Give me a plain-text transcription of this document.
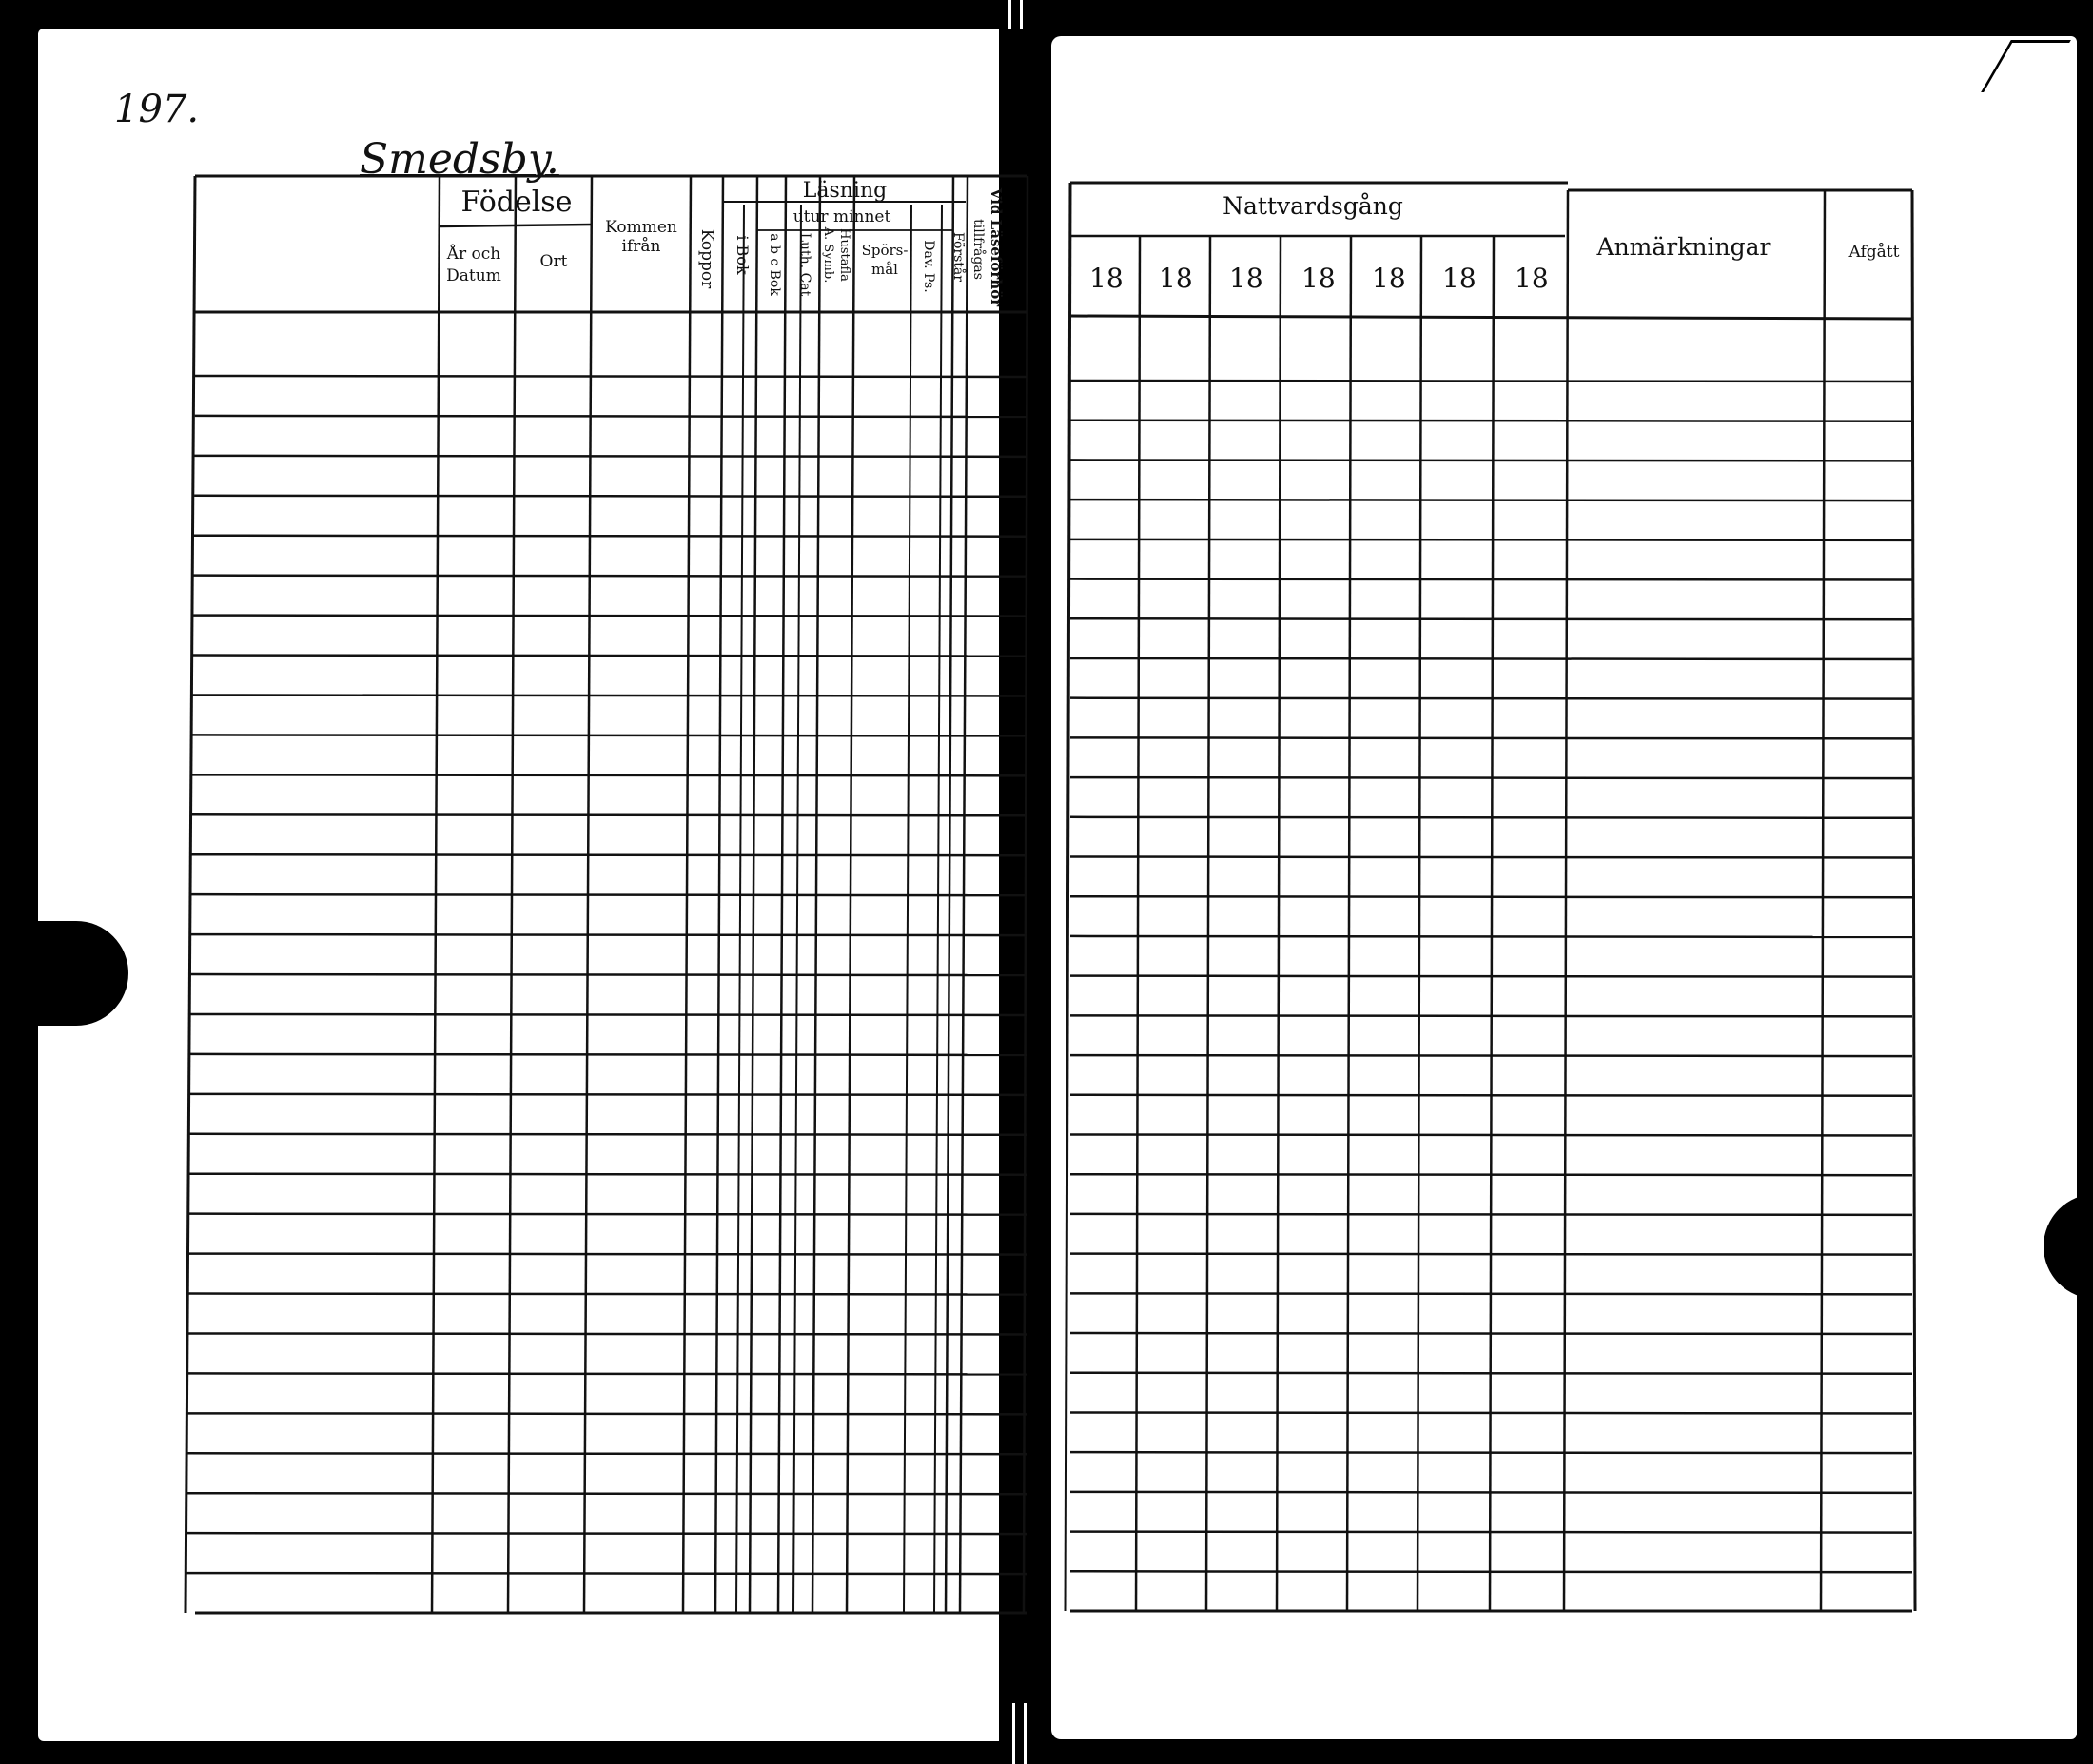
197.
Smedsby.
Födelse
År och
Datum
Ort
Kommen
ifrån Koppor
Läsning
utur minnet
i Bok a b c Bok Luth. Cat A. Symb. Hustafla Spörs-
mål Dav. Ps. Förstår Vid Läseförhör
tillfrågas
Nattvardsgång
18 18 18 18 18 18 18
Anmärkningar	Afgått
